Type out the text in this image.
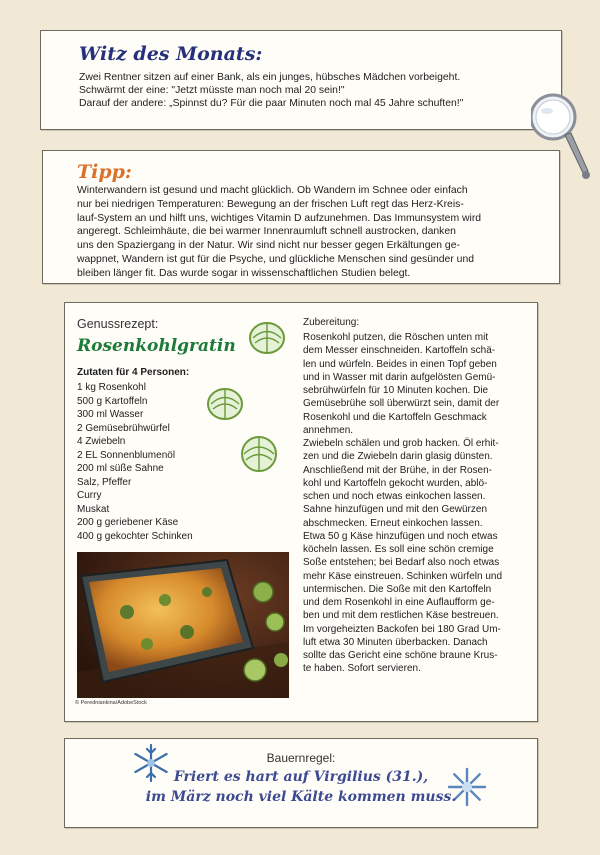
Witz des Monats:
Zwei Rentner sitzen auf einer Bank, als ein junges, hübsches Mädchen vorbeigeht.
Schwärmt der eine: "Jetzt müsste man noch mal 20 sein!"
Darauf der andere: „Spinnst du? Für die paar Minuten noch mal 45 Jahre schuften!"
Tipp:
Winterwandern ist gesund und macht glücklich. Ob Wandern im Schnee oder einfach
nur bei niedrigen Temperaturen: Bewegung an der frischen Luft regt das Herz-Kreis-
lauf-System an und hilft uns, wichtiges Vitamin D aufzunehmen. Das Immunsystem wird
angeregt. Schleimhäute, die bei warmer Innenraumluft schnell austrocken, danken
uns den Spaziergang in der Natur. Wir sind nicht nur besser gegen Erkältungen ge-
wappnet, Wandern ist gut für die Psyche, und glückliche Menschen sind gesünder und
bleiben länger fit. Das wurde sogar in wissenschaftlichen Studien belegt.
Genussrezept:
Rosenkohlgratin
Zutaten für 4 Personen:
1 kg Rosenkohl
500 g Kartoffeln
300 ml Wasser
2 Gemüsebrühwürfel
4 Zwiebeln
2 EL Sonnenblumenöl
200 ml süße Sahne
Salz, Pfeffer
Curry
Muskat
200 g geriebener Käse
400 g gekochter Schinken
© Peredniankina/AdobeStock
Zubereitung:
Rosenkohl putzen, die Röschen unten mit
dem Messer einschneiden. Kartoffeln schä-
len und würfeln. Beides in einen Topf geben
und in Wasser mit darin aufgelösten Gemü-
sebrühwürfeln für 10 Minuten kochen. Die
Gemüsebrühe soll überwürzt sein, damit der
Rosenkohl und die Kartoffeln Geschmack
annehmen.
Zwiebeln schälen und grob hacken. Öl erhit-
zen und die Zwiebeln darin glasig dünsten.
Anschließend mit der Brühe, in der Rosen-
kohl und Kartoffeln gekocht wurden, ablö-
schen und noch etwas einkochen lassen.
Sahne hinzufügen und mit den Gewürzen
abschmecken. Erneut einkochen lassen.
Etwa 50 g Käse hinzufügen und noch etwas
köcheln lassen. Es soll eine schön cremige
Soße entstehen; bei Bedarf also noch etwas
mehr Käse einstreuen. Schinken würfeln und
untermischen. Die Soße mit den Kartoffeln
und dem Rosenkohl in eine Auflaufform ge-
ben und mit dem restlichen Käse bestreuen.
Im vorgeheizten Backofen bei 180 Grad Um-
luft etwa 30 Minuten überbacken. Danach
sollte das Gericht eine schöne braune Krus-
te haben. Sofort servieren.
Bauernregel:
Friert es hart auf Virgilius (31.),
im März noch viel Kälte kommen muss.
